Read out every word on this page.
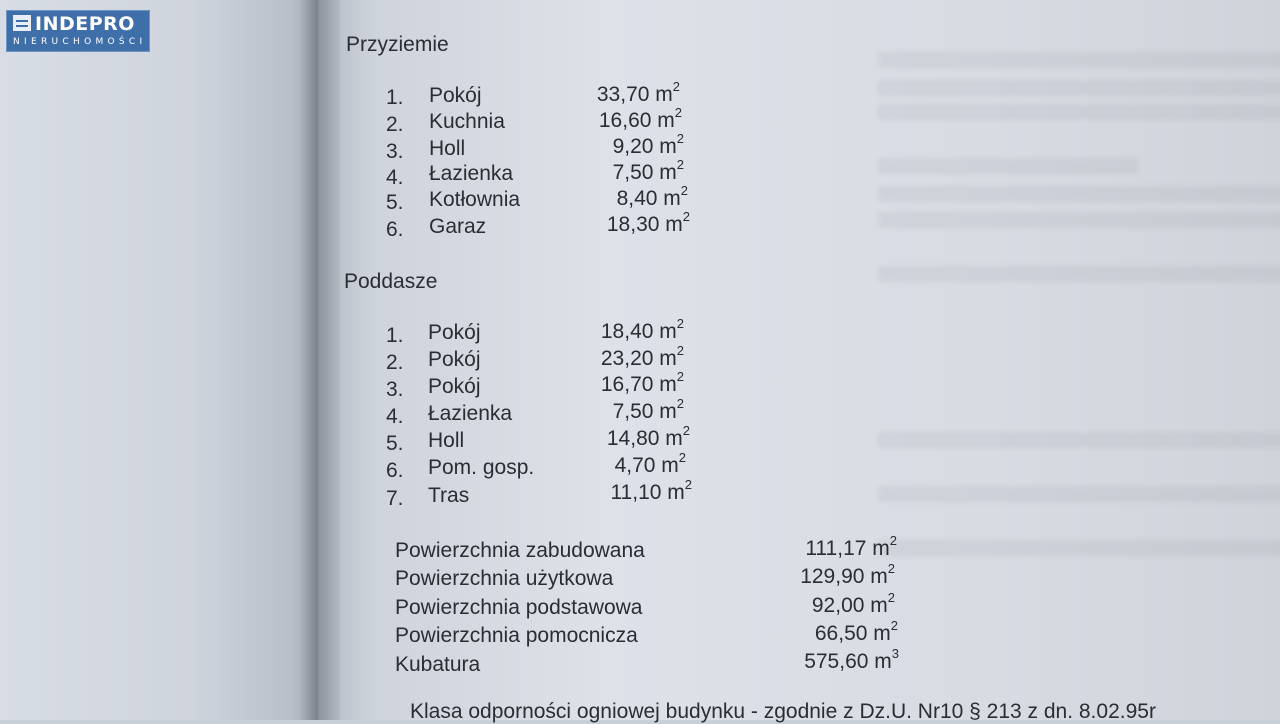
INDEPRO
NIERUCHOMOŚCI	Przyziemie
1. Pokój	33,70 $m^2$
2. Kuchnia	16,60 $m^2$
3. Holl	9,20 $m^2$
4. Łazienka	7,50 $m^2$
5. Kotłownia	8,40 $m^2$
6. Garaz	18,30 $m^2$
Poddasze
1. Pokój	18,40 $m^2$
2. Pokój	23,20 $m^2$
3. Pokój	16,70 $m^2$
4. Łazienka	7,50 $m^2$
5. Holl	14,80 $m^2$
6. Pom. gosp.	4,70 $m^2$
7. Tras	11,10 $m^2$
Powierzchnia zabudowana	111,17 $m^2$
Powierzchnia użytkowa	129,90 $m^2$
Powierzchnia podstawowa	92,00 $m^2$
Powierzchnia pomocnicza	66,50 $m^2$
Kubatura	575,60 $m^3$
Klasa odporności ogniowej budynku - zgodnie z Dz.U. Nr10 § 213 z dn. 8.02.95r
